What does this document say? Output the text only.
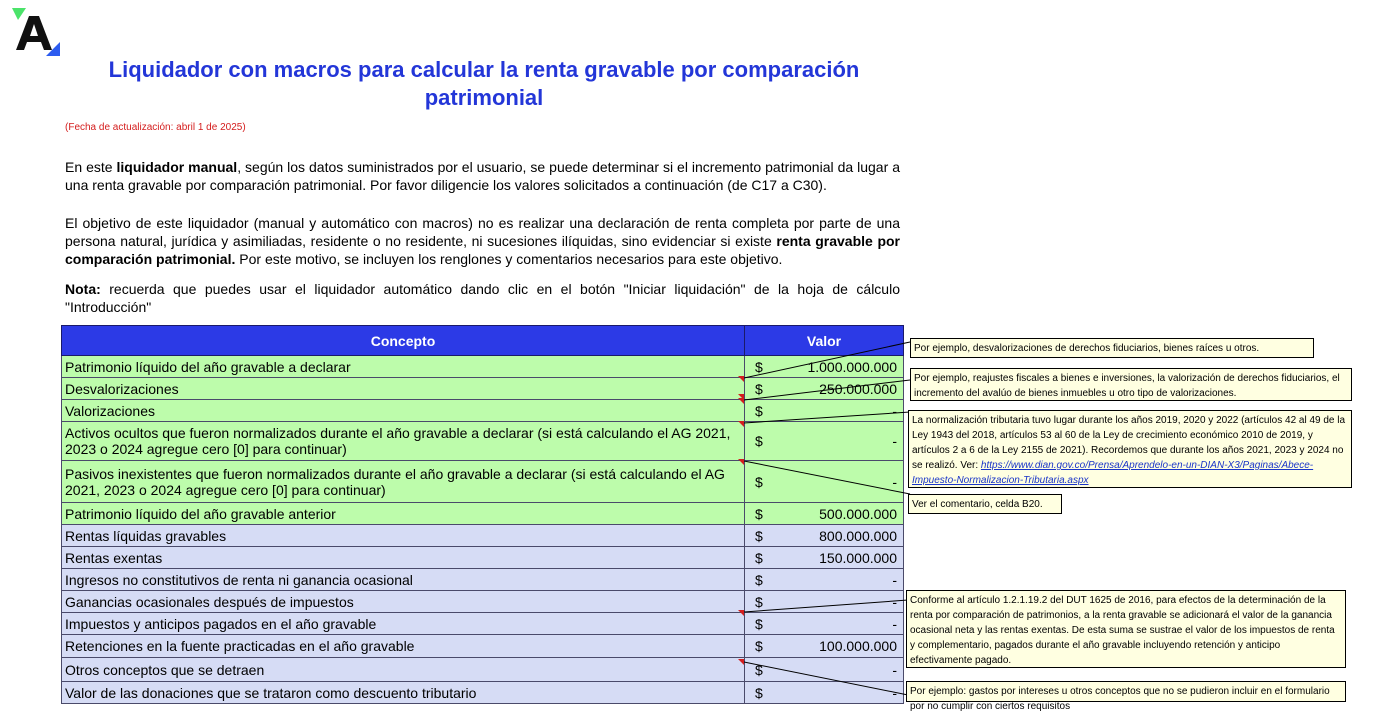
Liquidador con macros para calcular la renta gravable por comparación patrimonial
(Fecha de actualización: abril 1 de 2025)
En este liquidador manual, según los datos suministrados por el usuario, se puede determinar si el incremento patrimonial da lugar a una renta gravable por comparación patrimonial. Por favor diligencie los valores solicitados a continuación (de C17 a C30).
El objetivo de este liquidador (manual y automático con macros) no es realizar una declaración de renta completa por parte de una persona natural, jurídica y asimiliadas, residente o no residente, ni sucesiones ilíquidas, sino evidenciar si existe renta gravable por comparación patrimonial. Por este motivo, se incluyen los renglones y comentarios necesarios para este objetivo.
Nota: recuerda que puedes usar el liquidador automático dando clic en el botón "Iniciar liquidación" de la hoja de cálculo "Introducción"
Concepto	Valor
Patrimonio líquido del año gravable a declarar	$ 1.000.000.000

Desvalorizaciones	$ 250.000.000

Valorizaciones	$ -

Activos ocultos que fueron normalizados durante el año gravable a declarar (si está calculando el AG 2021, 2023 o 2024 agregue cero [0] para continuar)	$ -

Pasivos inexistentes que fueron normalizados durante el año gravable a declarar (si está calculando el AG 2021, 2023 o 2024 agregue cero [0] para continuar)	$ -

Patrimonio líquido del año gravable anterior	$ 500.000.000

Rentas líquidas gravables	$ 800.000.000

Rentas exentas	$ 150.000.000

Ingresos no constitutivos de renta ni ganancia ocasional	$ -

Ganancias ocasionales después de impuestos	$ -

Impuestos y anticipos pagados en el año gravable	$ -

Retenciones en la fuente practicadas en el año gravable	$ 100.000.000

Otros conceptos que se detraen	$ -

Valor de las donaciones que se trataron como descuento tributario	$ -
Por ejemplo, desvalorizaciones de derechos fiduciarios, bienes raíces u otros.
Por ejemplo, reajustes fiscales a bienes e inversiones, la valorización de derechos fiduciarios, el incremento del avalúo de bienes inmuebles u otro tipo de valorizaciones.
La normalización tributaria tuvo lugar durante los años 2019, 2020 y 2022 (artículos 42 al 49 de la Ley 1943 del 2018, artículos 53 al 60 de la Ley de crecimiento económico 2010 de 2019, y artículos 2 a 6 de la Ley 2155 de 2021). Recordemos que durante los años 2021, 2023 y 2024 no se realizó. Ver: https://www.dian.gov.co/Prensa/Aprendelo-en-un-DIAN-X3/Paginas/Abece-Impuesto-Normalizacion-Tributaria.aspx
Ver el comentario, celda B20.
Conforme al artículo 1.2.1.19.2 del DUT 1625 de 2016, para efectos de la determinación de la renta por comparación de patrimonios, a la renta gravable se adicionará el valor de la ganancia ocasional neta y las rentas exentas. De esta suma se sustrae el valor de los impuestos de renta y complementario, pagados durante el año gravable incluyendo retención y anticipo efectivamente pagado.
Por ejemplo: gastos por intereses u otros conceptos que no se pudieron incluir en el formulario por no cumplir con ciertos requisitos
